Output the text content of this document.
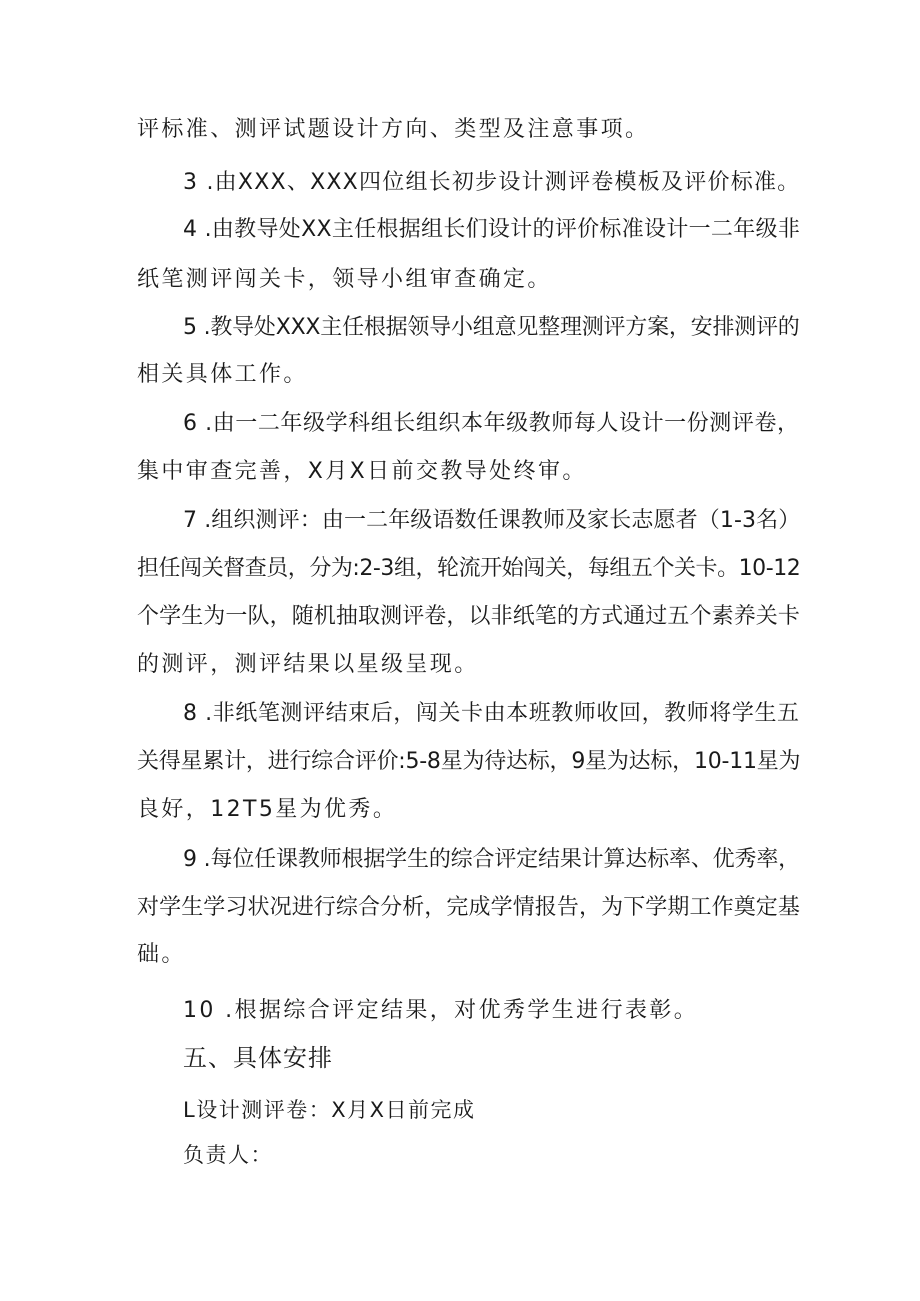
评标准、测评试题设计方向、类型及注意事项。
3 .由XXX、XXX四位组长初步设计测评卷模板及评价标准。
4 .由教导处XX主任根据组长们设计的评价标准设计一二年级非
纸笔测评闯关卡，领导小组审查确定。
5 .教导处XXX主任根据领导小组意见整理测评方案，安排测评的
相关具体工作。
6 .由一二年级学科组长组织本年级教师每人设计一份测评卷，
集中审查完善，X月X日前交教导处终审。
7 .组织测评：由一二年级语数任课教师及家长志愿者（1-3名）
担任闯关督查员，分为:2-3组，轮流开始闯关，每组五个关卡。10-12
个学生为一队，随机抽取测评卷，以非纸笔的方式通过五个素养关卡
的测评，测评结果以星级呈现。
8 .非纸笔测评结束后，闯关卡由本班教师收回，教师将学生五
关得星累计，进行综合评价:5-8星为待达标，9星为达标，10-11星为
良好，12T5星为优秀。
9 .每位任课教师根据学生的综合评定结果计算达标率、优秀率，
对学生学习状况进行综合分析，完成学情报告，为下学期工作奠定基
础。
10 .根据综合评定结果，对优秀学生进行表彰。
五、具体安排
L设计测评卷：X月X日前完成
负责人：
